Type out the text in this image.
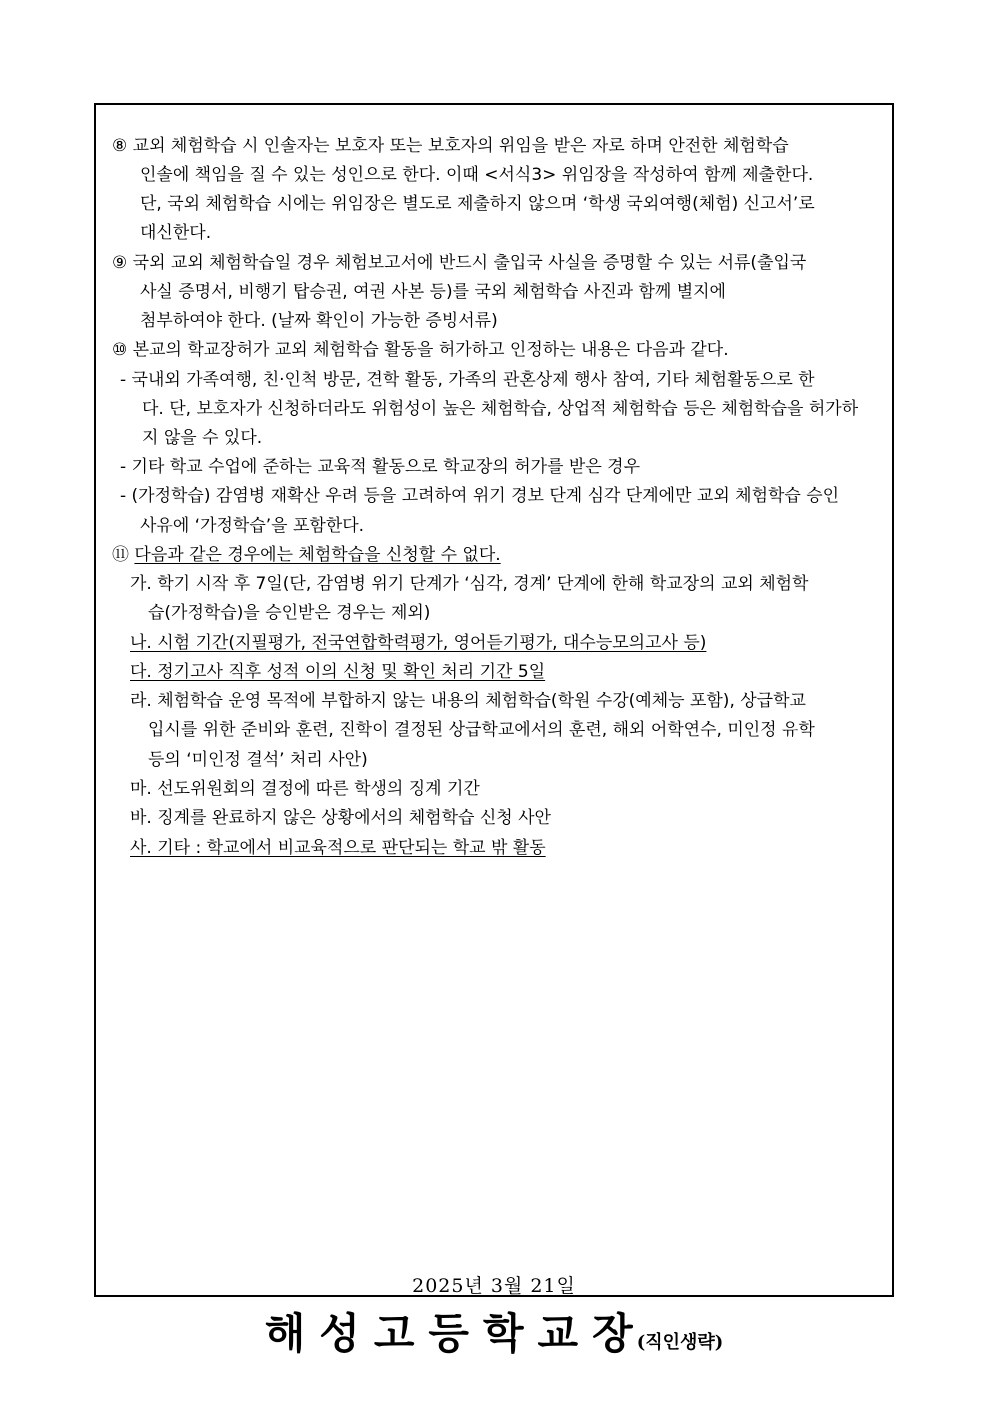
⑧ 교외 체험학습 시 인솔자는 보호자 또는 보호자의 위임을 받은 자로 하며 안전한 체험학습
인솔에 책임을 질 수 있는 성인으로 한다. 이때 <서식3> 위임장을 작성하여 함께 제출한다.
단, 국외 체험학습 시에는 위임장은 별도로 제출하지 않으며 ‘학생 국외여행(체험) 신고서’로
대신한다.
⑨ 국외 교외 체험학습일 경우 체험보고서에 반드시 출입국 사실을 증명할 수 있는 서류(출입국
사실 증명서, 비행기 탑승권, 여권 사본 등)를 국외 체험학습 사진과 함께 별지에
첨부하여야 한다. (날짜 확인이 가능한 증빙서류)
⑩ 본교의 학교장허가 교외 체험학습 활동을 허가하고 인정하는 내용은 다음과 같다.
- 국내외 가족여행, 친·인척 방문, 견학 활동, 가족의 관혼상제 행사 참여, 기타 체험활동으로 한
다. 단, 보호자가 신청하더라도 위험성이 높은 체험학습, 상업적 체험학습 등은 체험학습을 허가하
지 않을 수 있다.
- 기타 학교 수업에 준하는 교육적 활동으로 학교장의 허가를 받은 경우
- (가정학습) 감염병 재확산 우려 등을 고려하여 위기 경보 단계 심각 단계에만 교외 체험학습 승인
사유에 ‘가정학습’을 포함한다.
⑪ 다음과 같은 경우에는 체험학습을 신청할 수 없다.
가. 학기 시작 후 7일(단, 감염병 위기 단계가 ‘심각, 경계’ 단계에 한해 학교장의 교외 체험학
습(가정학습)을 승인받은 경우는 제외)
나. 시험 기간(지필평가, 전국연합학력평가, 영어듣기평가, 대수능모의고사 등)
다. 정기고사 직후 성적 이의 신청 및 확인 처리 기간 5일
라. 체험학습 운영 목적에 부합하지 않는 내용의 체험학습(학원 수강(예체능 포함), 상급학교
입시를 위한 준비와 훈련, 진학이 결정된 상급학교에서의 훈련, 해외 어학연수, 미인정 유학
등의 ‘미인정 결석’ 처리 사안)
마. 선도위원회의 결정에 따른 학생의 징계 기간
바. 징계를 완료하지 않은 상황에서의 체험학습 신청 사안
사. 기타 : 학교에서 비교육적으로 판단되는 학교 밖 활동
2025년 3월 21일
해성고등학교장(직인생략)
